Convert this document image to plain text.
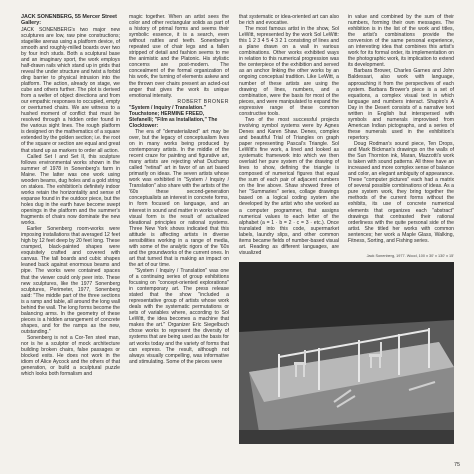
JACK SONENBERG, 55 Mercer Street Gallery:

JACK SONENBERG's two major new sculptures are low, raw pine constructions; stagelike arenas using a platform device, of smooth and roughly-milled boards over two by four inch studs. Both a sculptural base and an imaginary sport, the work employs half-drawn rails which stand up in grids that reveal the under structure and twist a forbid ding barrier to physical intrusion into the platform. The action, already on stage, we cube and others further. The plot is derived from a welter of object directions and from our empathic responses to occupied, empty or overturned chairs. We are witness to a hushed moment of conflict that must be resolved through a hidden order found in the various sight lines. The rough platform is designed on the mathematics of a square extended by the golden section; i.e. the root of the square or section are equal and great that stand up as markers to order all action.

Called Set I and Set II, this sculpture follows environmental works shown in the summer of 1978 in Sonenberg's farm in Maine. The latter was one work using wooden beams, dug holes and a gold string on stakes. The exhibition's definitely indoor works retain the horizontality and sense of expanse found in the outdoor piece, but the holes dug in the earth have become swept openings in the platform and the summer's fragments of chairs now dominate the new works.

Earlier Sonenberg room-works were imposing installations that averaged 12 feet high by 12 feet deep by 20 feet long. These cramped, black-painted shapes were exquisitely crafted and covered with canvas. The tall boards and cubic shapes leaned back against enormous beams and pipe. The works were contained spaces that the viewer could only peer into. These new sculptures, like the 1977 Sonenberg sculptures, Perimeter, 1977, Sonenberg said: "The middle part of the three sections is a ramp and table, all around the long wall behind the wall. The long forms become the balancing arms. In the geometry of these pieces is a hidden arrangement of concrete shapes, and for the ramps as the new, outstanding."

Sonenberg is not a Cor-Ten steel man, nor is he a sculptor of mock architecture building broken chairs, false passages or blocked exits. He does not work in the idiom of Alice Aycock and the others of that generation, or build a sculptural puzzle which looks both formalism and

magic together. When an artist sees the color and other rectangular solids as part of a history of primal forms and seems their symbolic essence, it is a search, even without rattles and teeth. Sonenberg's repeated use of chair legs and a fallen stripped of detail and fashion seems to me the animistic and the Platonic. His stylistic concerns are post-modern. The concealment of the formal organization of his work, the turning of elements askew and the thrown over chairs present an acted-out anger that gives the work its unique emotional intensity.

ROBERT BRONER

"System / Inquiry / Translation." Touchstone; HERMINE FREED, Stefanelli; "Film as Installation," The Clocktower:

The era of "dematerialized" art may be over, but the legacy of conceptualism lives on in many works being produced by contemporary artists. In the middle of the recent craze for painting and figurative art, many artists are rejecting what Duchamp called "retinal" art in favor of an art based primarily on ideas. The seven artists whose work was exhibited in "System / Inquiry / Translation" also share with the artists of the '60s these second-generation conceptualists an interest in concrete forms, in form focused on language, and an interest in sound and matter in works whose visual form is the result of actualized ideational principles or rational systems. Three New York shows indicated that this attitude is affecting artists in diverse sensibilities working in a range of media, with some of the analytic rigors of the '60s and the groundworks of the current ones. In art that turned that is making an impact on the art of our time.

"System / Inquiry / Translation" was one of a continuing series of group exhibitions focusing on "concept-oriented explorations" in contemporary art. The press release stated that the show "included a representative group of artists whose work deals with the systematic permutations or sets of variables where, according to Sol LeWitt, the idea becomes a machine that makes the art." Organizer Eric Siegelbuch chose works to represent the diversity of systems that are being used as the basis for art works today and the variety of forms that can express. The result, although not always visually compelling, was informative and stimulating. Some of the pieces were

that systematic or idea-oriented art can also be rich and evocative.

The most famous artist in the show, Sol LeWitt, represented by the work Sol LeWitt: this 1 2 3 4 5 4 3 2 1 consisting of lines and a plane drawn on a wall in various combinations. Other works exhibited ways in relation to this numerical progression was the centerpiece of the exhibition and served as an anchor linking the other works by an ongoing conceptual tradition. Like LeWitt, a number of these artists are using the drawing of lines, numbers, and a combination, were the basis for most of the pieces, and were manipulated to expand the expressive range of these common constructive tools.

Two of the most successful projects involving symbol systems were by Agnes Denes and Karen Shaw. Denes, complex and beautiful Trial of Triangles on graph paper representing Pascal's Triangle. Sol LeWitt's fine work, a lined and looked as systematic framework into which we then overlaid her pure system of the drawing of lines to show, defining the triangle is composed of numerical figures that equal the sum of each pair of adjacent numbers on the line above. Shaw showed three of her "Summaries" series, collage drawings based on a logical coding system she developed by the artist who she worked as a computer programmer, that assigns numerical values to each letter of the alphabet (a = 1 · b = 2 · c = 3 · etc.). Once translated into this code, supermarket labels, laundry slips, and other common items became fields of number-based visual art. Reading as different languages, are visualized

in value and combined by the sum of their numbers, forming their own messages. The exhibition is in the list of the work and titles, the artist's combinations provide the conversion of the same personal experience, an interesting idea that combines this artist's work for its formal order, its implementation on the photographic work, its implication to extend its development.

Barbara Brower, Charles Garnes and John Baldessari, also work with language, approaching it from the perspectives of each system. Barbara Brower's piece is a set of equations, a complex visual text in which language and numbers interact. Shapiro's A Day in the Desert consists of a narrative text written in English but interspersed with symbols and numerals improvised from American Indian pictographs, and a series of these numerals used in the exhibition's repertory.

Doug Rodman's sound piece, Ten Drops, and Mark Bickman's drawings on the walls of the Sun Thornton ink, Maran, Mazzotti's work is taken with sound patterns. All three have an increased and more complex sense of balance and color, an elegant ambiguity of appearance. These "computer pictures" each had a matrix of several possible combinations of ideas. As a pure system work, they bring together the methods of the current forms without the exhibits, its use of concrete numerical elements that organizes each "abstract" drawings that contrasted their rational orderliness with the quite personal side of the artist. She titled her works with common sentences; her work a Maple Glass, Walking, Fitness, Sorting, and Fishing series.

Jack Sonenberg, 1977. Wood, 100 x 30' x 130' x 15'
75
